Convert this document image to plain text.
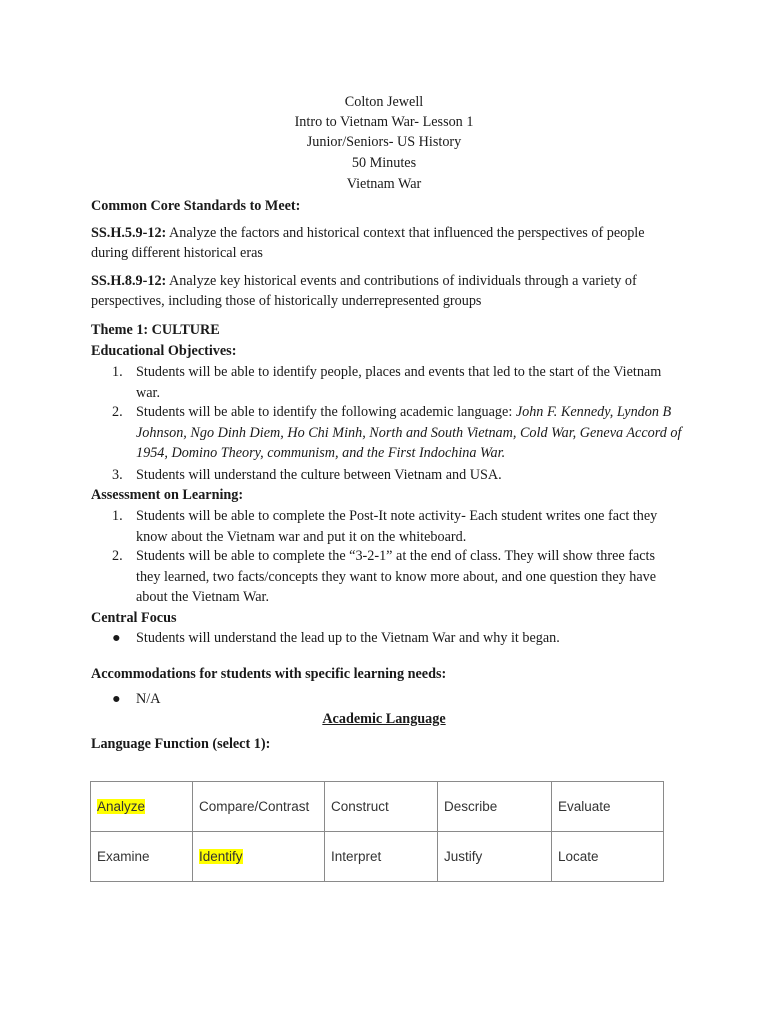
Colton Jewell
Intro to Vietnam War- Lesson 1
Junior/Seniors- US History
50 Minutes
Vietnam War
Common Core Standards to Meet:
SS.H.5.9-12: Analyze the factors and historical context that influenced the perspectives of people during different historical eras
SS.H.8.9-12: Analyze key historical events and contributions of individuals through a variety of perspectives, including those of historically underrepresented groups
Theme 1: CULTURE
Educational Objectives:
1. Students will be able to identify people, places and events that led to the start of the Vietnam war.
2. Students will be able to identify the following academic language: John F. Kennedy, Lyndon B Johnson, Ngo Dinh Diem, Ho Chi Minh, North and South Vietnam, Cold War, Geneva Accord of 1954, Domino Theory, communism, and the First Indochina War.
3. Students will understand the culture between Vietnam and USA.
Assessment on Learning:
1. Students will be able to complete the Post-It note activity- Each student writes one fact they know about the Vietnam war and put it on the whiteboard.
2. Students will be able to complete the “3-2-1” at the end of class. They will show three facts they learned, two facts/concepts they want to know more about, and one question they have about the Vietnam War.
Central Focus
● Students will understand the lead up to the Vietnam War and why it began.
Accommodations for students with specific learning needs:
● N/A
Academic Language
Language Function (select 1):
Analyze	Compare/Contrast	Construct	Describe	Evaluate
Examine	Identify	Interpret	Justify	Locate
